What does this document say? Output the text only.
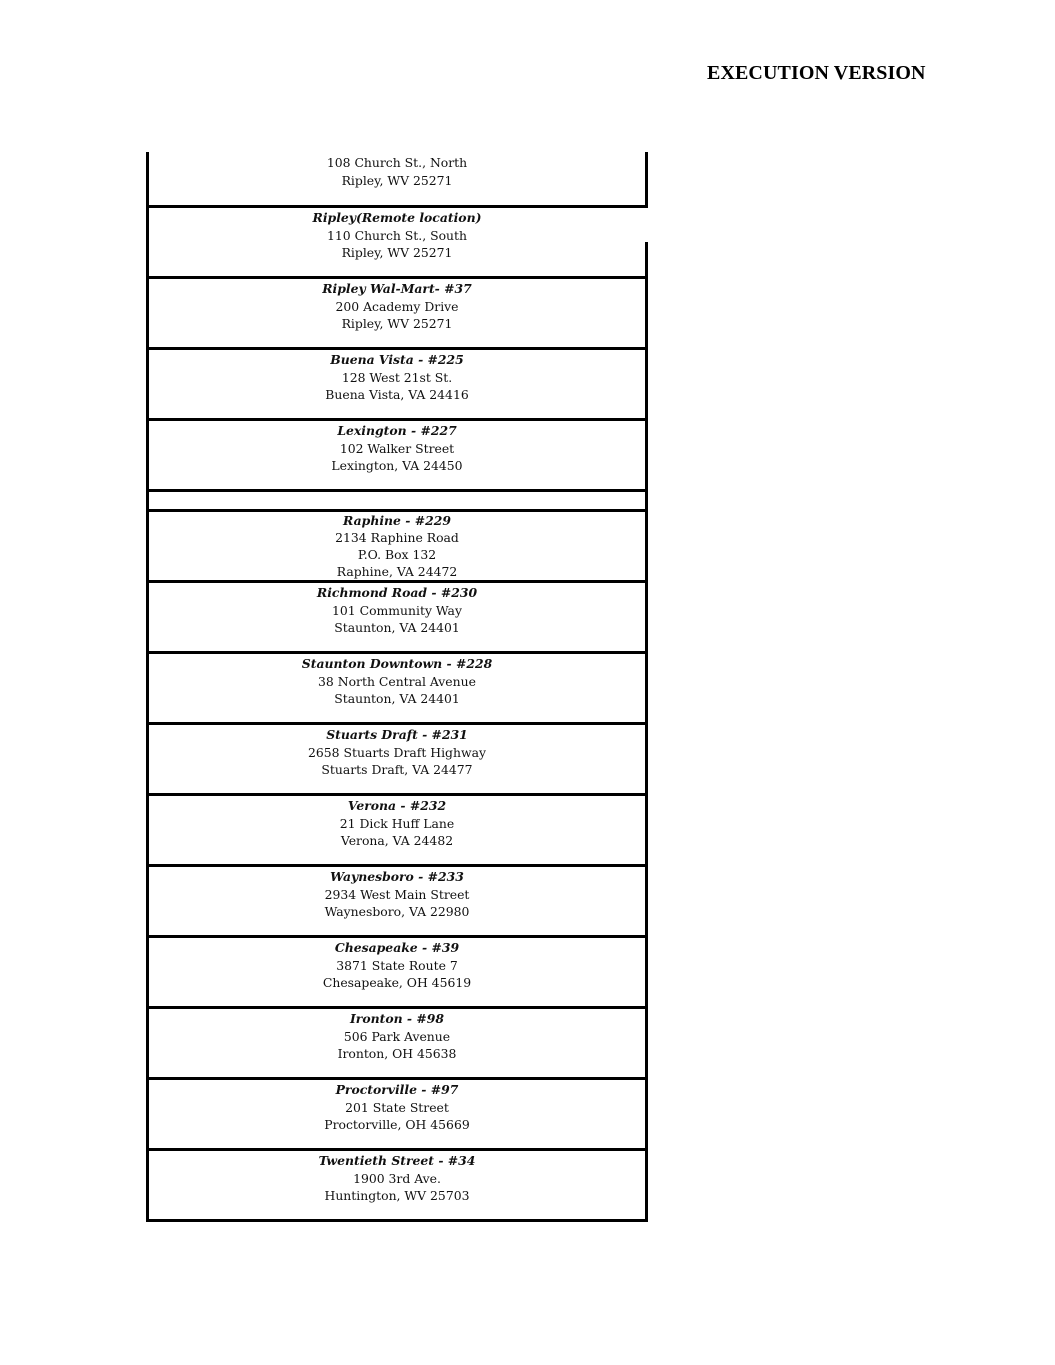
EXECUTION VERSION
108 Church St., North
Ripley, WV 25271
Ripley(Remote location)
110 Church St., South
Ripley, WV 25271
Ripley Wal-Mart- #37
200 Academy Drive
Ripley, WV 25271
Buena Vista - #225
128 West 21st St.
Buena Vista, VA 24416
Lexington - #227
102 Walker Street
Lexington, VA 24450
Raphine - #229
2134 Raphine Road
P.O. Box 132
Raphine, VA 24472
Richmond Road - #230
101 Community Way
Staunton, VA 24401
Staunton Downtown - #228
38 North Central Avenue
Staunton, VA 24401
Stuarts Draft - #231
2658 Stuarts Draft Highway
Stuarts Draft, VA 24477
Verona - #232
21 Dick Huff Lane
Verona, VA 24482
Waynesboro - #233
2934 West Main Street
Waynesboro, VA 22980
Chesapeake - #39
3871 State Route 7
Chesapeake, OH 45619
Ironton - #98
506 Park Avenue
Ironton, OH 45638
Proctorville - #97
201 State Street
Proctorville, OH 45669
Twentieth Street - #34
1900 3rd Ave.
Huntington, WV 25703
